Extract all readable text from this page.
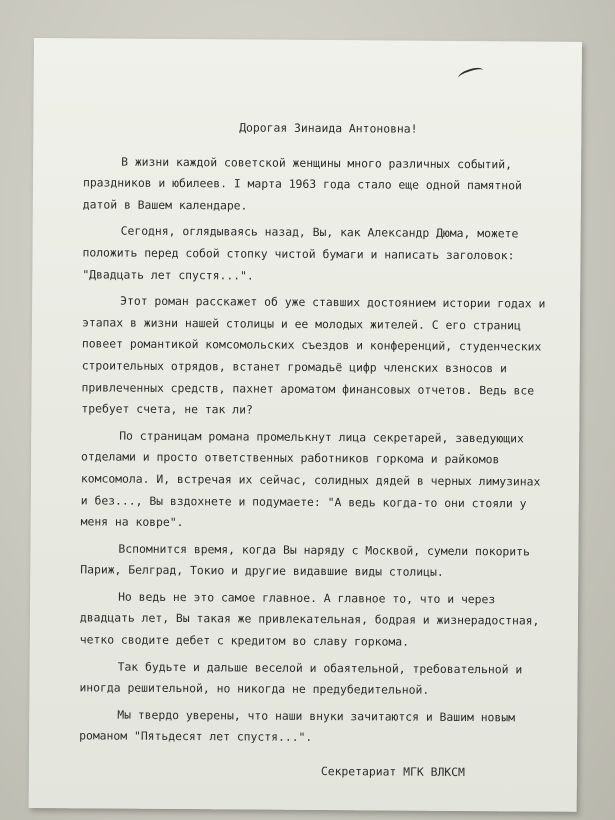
Дорогая Зинаида Антоновна!
В жизни каждой советской женщины много различных событий,
праздников и юбилеев. I марта 1963 года стало еще одной памятной
датой в Вашем календаре.
Сегодня, оглядываясь назад, Вы, как Александр Дюма, можете
положить перед собой стопку чистой бумаги и написать заголовок:
"Двадцать лет спустя...".
Этот роман расскажет об уже ставших достоянием истории годах и
этапах в жизни нашей столицы и ее молодых жителей. С его страниц
повеет романтикой комсомольских съездов и конференций, студенческих
строительных отрядов, встанет громадьё цифр членских взносов и
привлеченных средств, пахнет ароматом финансовых отчетов. Ведь все
требует счета, не так ли?
По страницам романа промелькнут лица секретарей, заведующих
отделами и просто ответственных работников горкома и райкомов
комсомола. И, встречая их сейчас, солидных дядей в черных лимузинах
и без..., Вы вздохнете и подумаете: "А ведь когда-то они стояли у
меня на ковре".
Вспомнится время, когда Вы наряду с Москвой, сумели покорить
Париж, Белград, Токио и другие видавшие виды столицы.
Но ведь не это самое главное. А главное то, что и через
двадцать лет, Вы такая же привлекательная, бодрая и жизнерадостная,
четко сводите дебет с кредитом во славу горкома.
Так будьте и дальше веселой и обаятельной, требовательной и
иногда решительной, но никогда не предубедительной.
Мы твердо уверены, что наши внуки зачитаются и Вашим новым
романом "Пятьдесят лет спустя...".
Секретариат МГК ВЛКСМ
